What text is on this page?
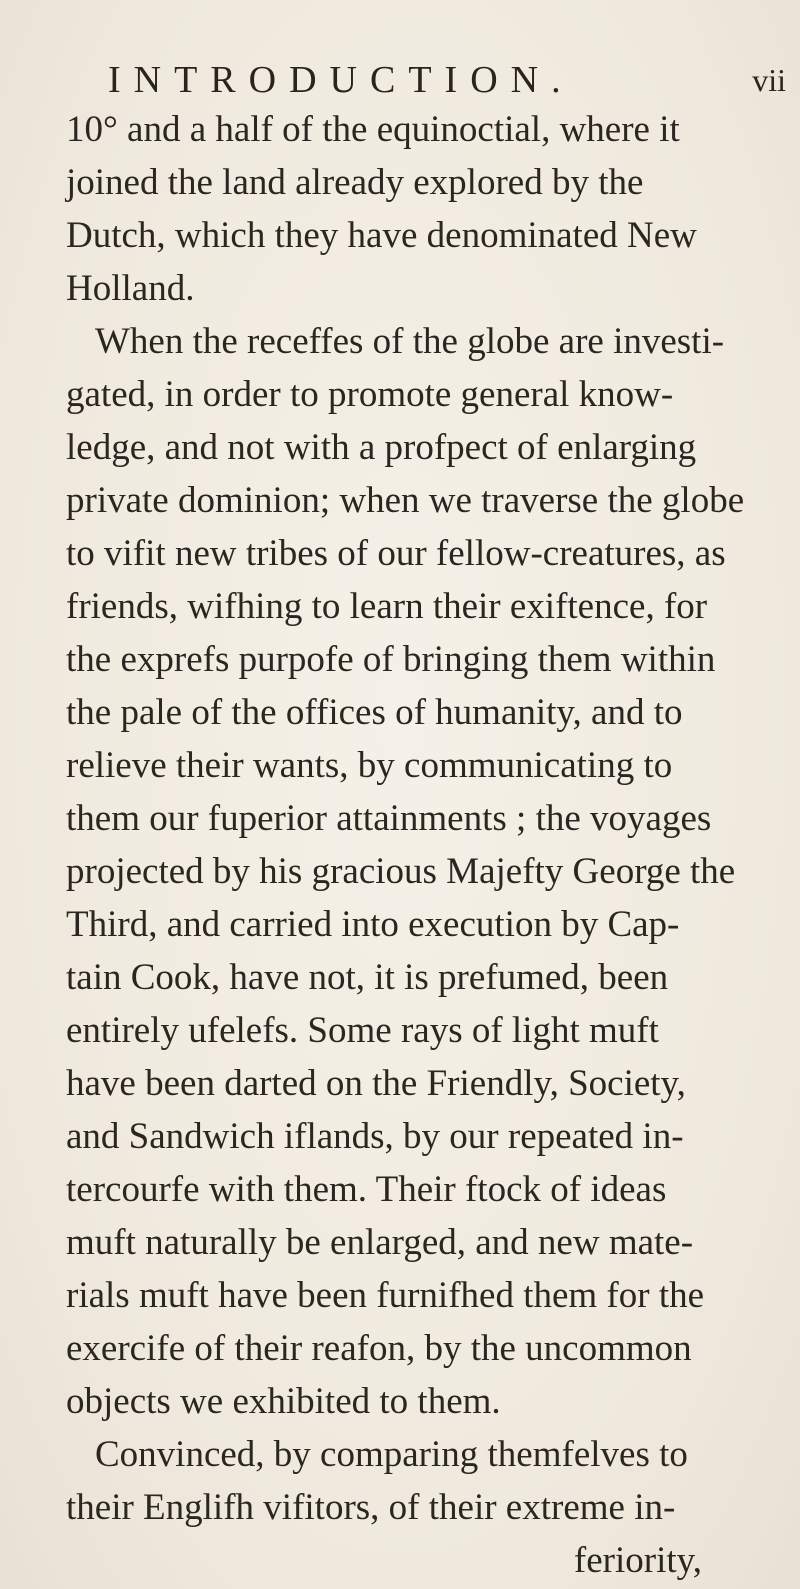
INTRODUCTION.	vii
10° and a half of the equinoctial, where it
joined the land already explored by the
Dutch, which they have denominated New
Holland.
When the receffes of the globe are investi-
gated, in order to promote general know-
ledge, and not with a profpect of enlarging
private dominion; when we traverse the globe
to vifit new tribes of our fellow-creatures, as
friends, wifhing to learn their exiftence, for
the exprefs purpofe of bringing them within
the pale of the offices of humanity, and to
relieve their wants, by communicating to
them our fuperior attainments ; the voyages
projected by his gracious Majefty George the
Third, and carried into execution by Cap-
tain Cook, have not, it is prefumed, been
entirely ufelefs. Some rays of light muft
have been darted on the Friendly, Society,
and Sandwich iflands, by our repeated in-
tercourfe with them. Their ftock of ideas
muft naturally be enlarged, and new mate-
rials muft have been furnifhed them for the
exercife of their reafon, by the uncommon
objects we exhibited to them.
Convinced, by comparing themfelves to
their Englifh vifitors, of their extreme in-
feriority,
